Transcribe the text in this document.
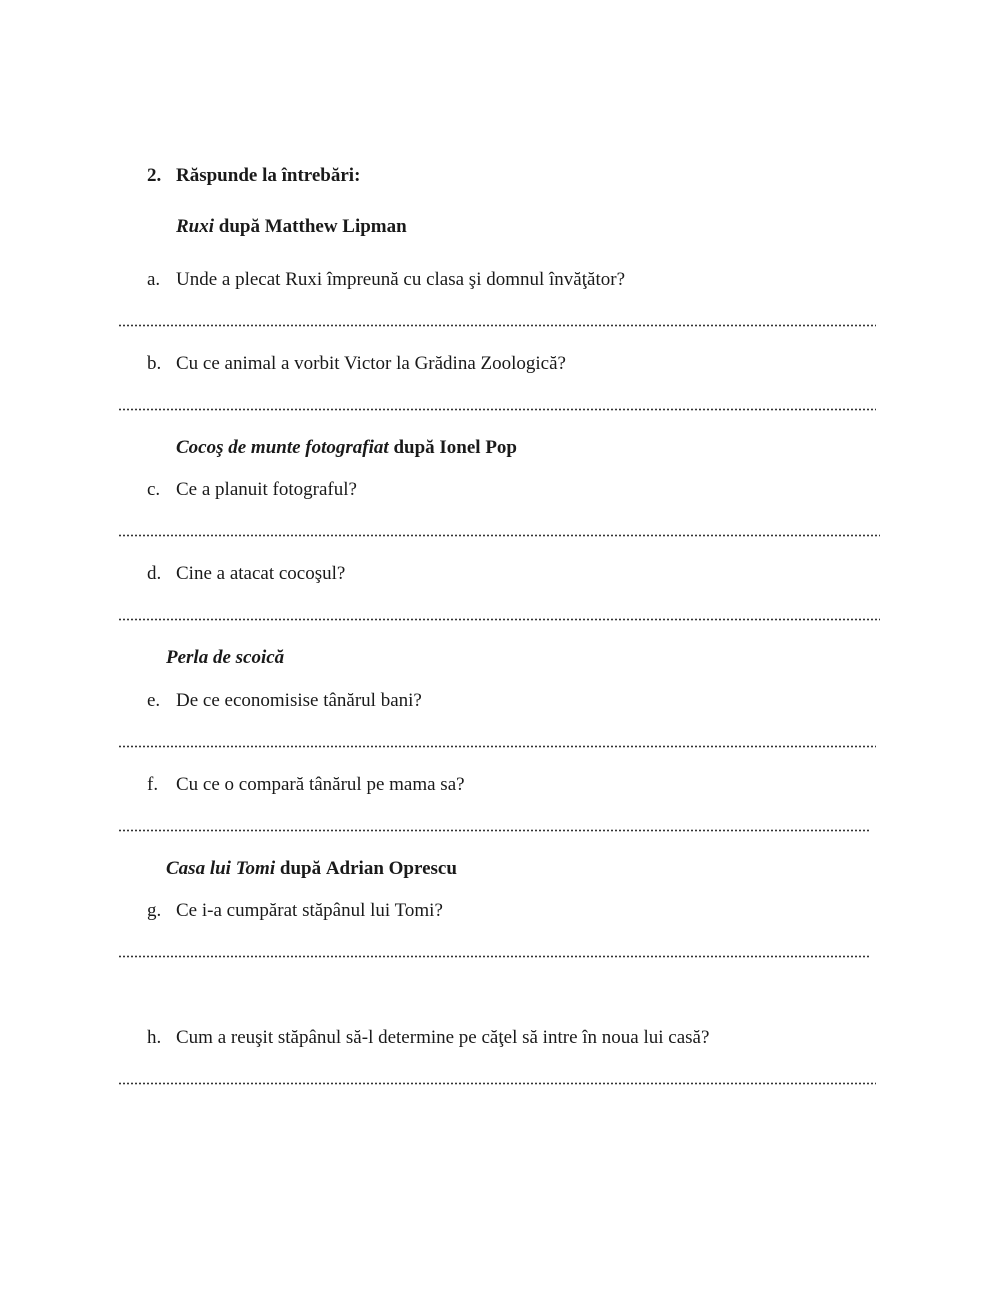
2. Răspunde la întrebări:
Ruxi după Matthew Lipman
a. Unde a plecat Ruxi împreună cu clasa şi domnul învăţător?
b. Cu ce animal a vorbit Victor la Grădina Zoologică?
Cocoş de munte fotografiat după Ionel Pop
c. Ce a planuit fotograful?
d. Cine a atacat cocoşul?
Perla de scoică
e. De ce economisise tânărul bani?
f. Cu ce o compară tânărul pe mama sa?
Casa lui Tomi după Adrian Oprescu
g. Ce i-a cumpărat stăpânul lui Tomi?
h. Cum a reuşit stăpânul să-l determine pe căţel să intre în noua lui casă?
